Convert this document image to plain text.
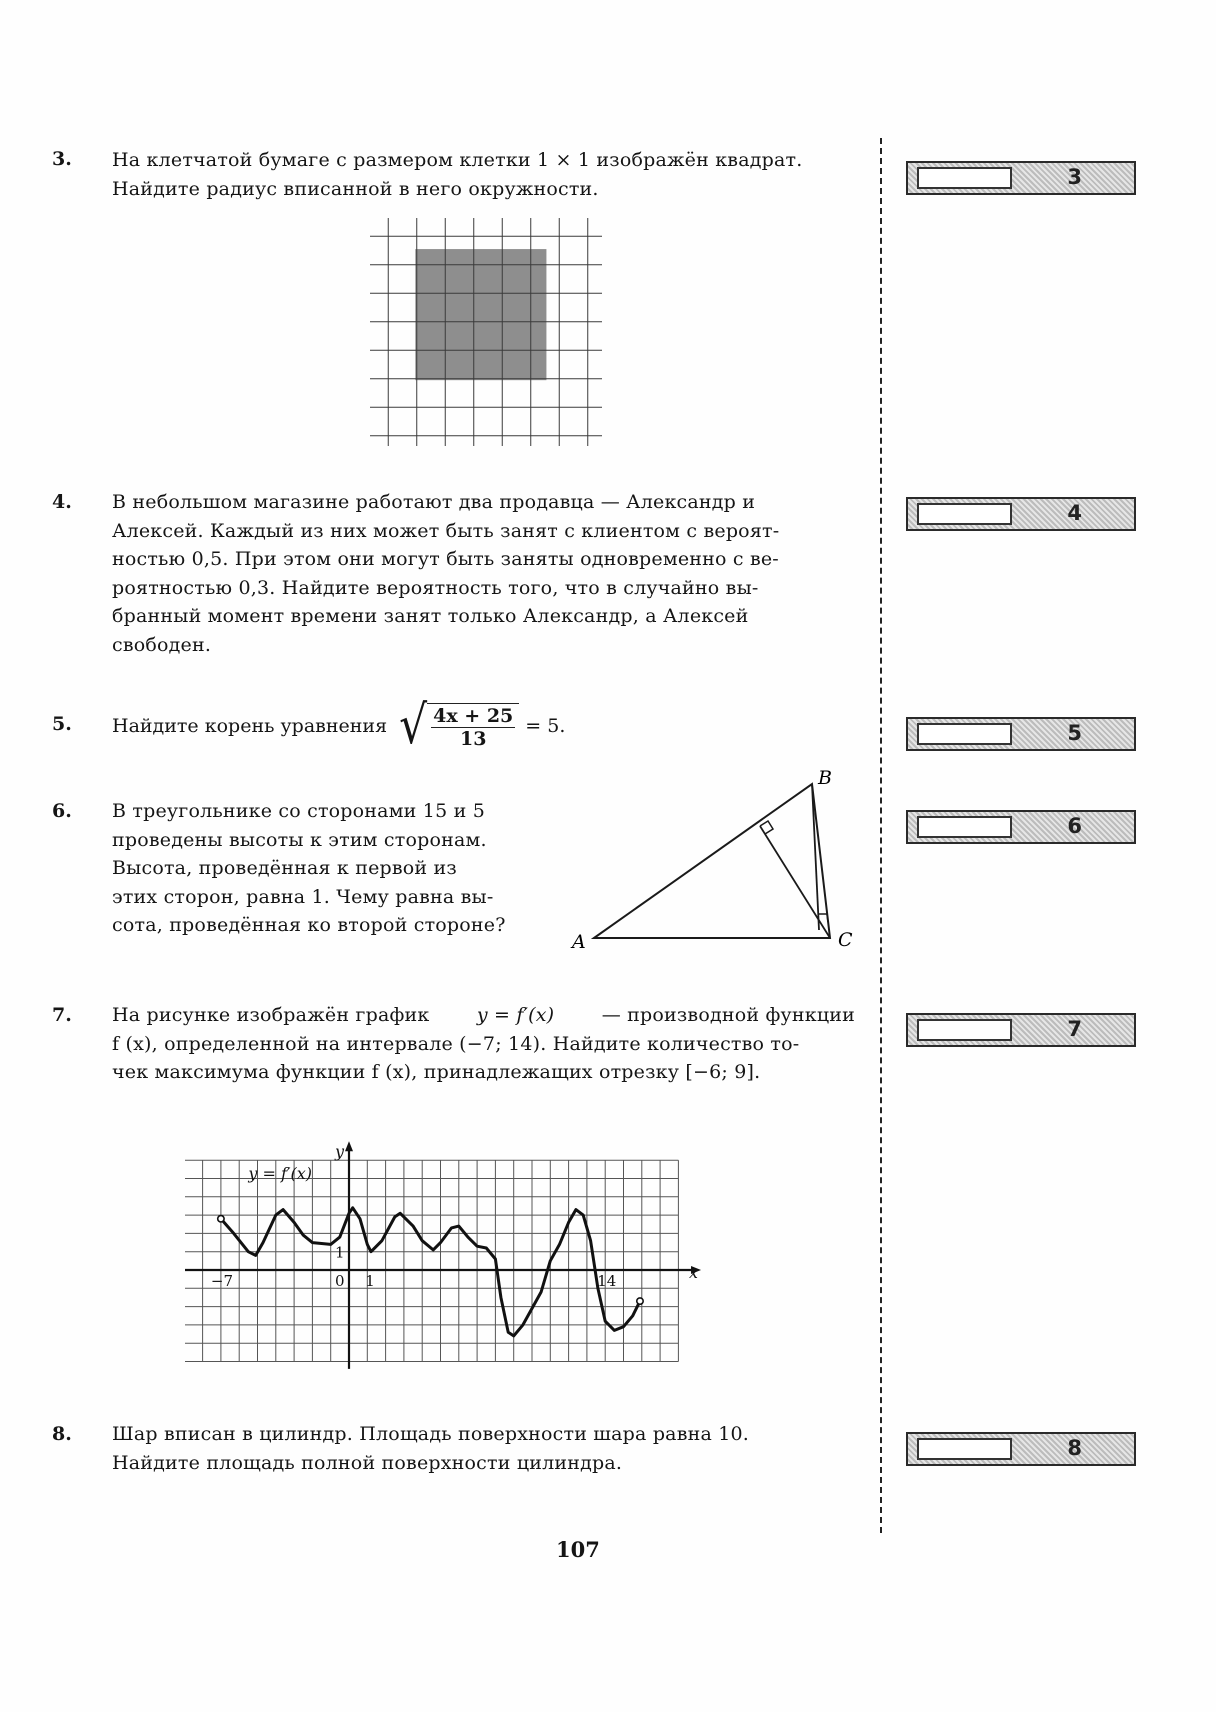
3. На клетчатой бумаге с размером клетки 1 × 1 изображён квадрат.
Найдите радиус вписанной в него окружности.
4. В небольшом магазине работают два продавца — Александр и
Алексей. Каждый из них может быть занят с клиентом с вероят-
ностью 0,5. При этом они могут быть заняты одновременно с ве-
роятностью 0,3. Найдите вероятность того, что в случайно вы-
бранный момент времени занят только Александр, а Алексей
свободен.
5. Найдите корень уравнения √ $\frac{4x + 25}{13} = 5$.
6. В треугольнике со сторонами 15 и 5
проведены высоты к этим сторонам.
Высота, проведённая к первой из
этих сторон, равна 1. Чему равна вы-
сота, проведённая ко второй стороне?
A
B
C
7. На рисунке изображён график y = f′(x) — производной функции
f (x), определенной на интервале (−7; 14). Найдите количество то-
чек максимума функции f (x), принадлежащих отрезку [−6; 9].
−7	0 1	14
1
x
y
y = f′(x)
8. Шар вписан в цилиндр. Площадь поверхности шара равна 10.
Найдите площадь полной поверхности цилиндра.
3
4
5
6
7
8
107
